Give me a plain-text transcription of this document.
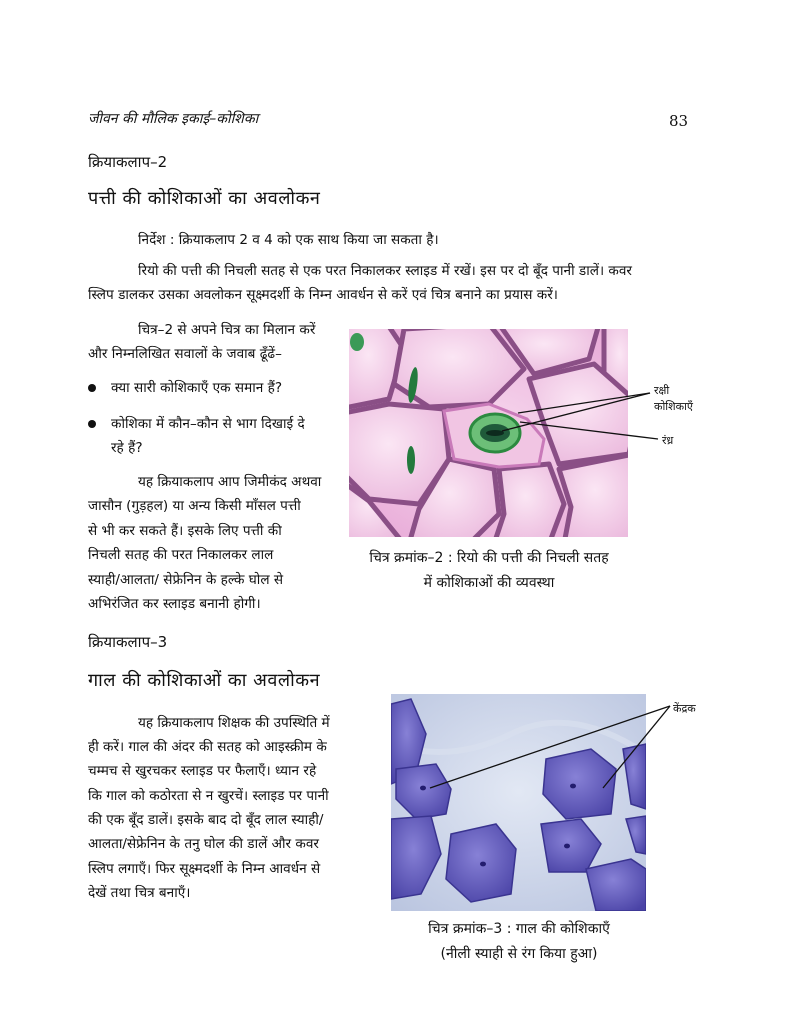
जीवन की मौलिक इकाई–कोशिका	83
क्रियाकलाप–2
पत्ती की कोशिकाओं का अवलोकन
निर्देश : क्रियाकलाप 2 व 4 को एक साथ किया जा सकता है।
रियो की पत्ती की निचली सतह से एक परत निकालकर स्लाइड में रखें। इस पर दो बूँद पानी डालें। कवर
स्लिप डालकर उसका अवलोकन सूक्ष्मदर्शी के निम्न आवर्धन से करें एवं चित्र बनाने का प्रयास करें।
चित्र–2 से अपने चित्र का मिलान करें
और निम्नलिखित सवालों के जवाब ढूँढें–
क्या सारी कोशिकाएँ एक समान हैं?
कोशिका में कौन–कौन से भाग दिखाई दे
रहे हैं?
यह क्रियाकलाप आप जिमीकंद अथवा
जासौन (गुड़हल) या अन्य किसी माँसल पत्ती
से भी कर सकते हैं। इसके लिए पत्ती की
निचली सतह की परत निकालकर लाल
स्याही/आलता/ सेफ्रेनिन के हल्के घोल से
अभिरंजित कर स्लाइड बनानी होगी।
रक्षी
कोशिकाएँ
रंध्र
चित्र क्रमांक–2 : रियो की पत्ती की निचली सतह
में कोशिकाओं की व्यवस्था
क्रियाकलाप–3
गाल की कोशिकाओं का अवलोकन
यह क्रियाकलाप शिक्षक की उपस्थिति में
ही करें। गाल की अंदर की सतह को आइस्क्रीम के
चम्मच से खुरचकर स्लाइड पर फैलाएँ। ध्यान रहे
कि गाल को कठोरता से न खुरचें। स्लाइड पर पानी
की एक बूँद डालें। इसके बाद दो बूँद लाल स्याही/
आलता/सेफ्रेनिन के तनु घोल की डालें और कवर
स्लिप लगाएँ। फिर सूक्ष्मदर्शी के निम्न आवर्धन से
देखें तथा चित्र बनाएँ।
केंद्रक
चित्र क्रमांक–3 : गाल की कोशिकाएँ
(नीली स्याही से रंग किया हुआ)
